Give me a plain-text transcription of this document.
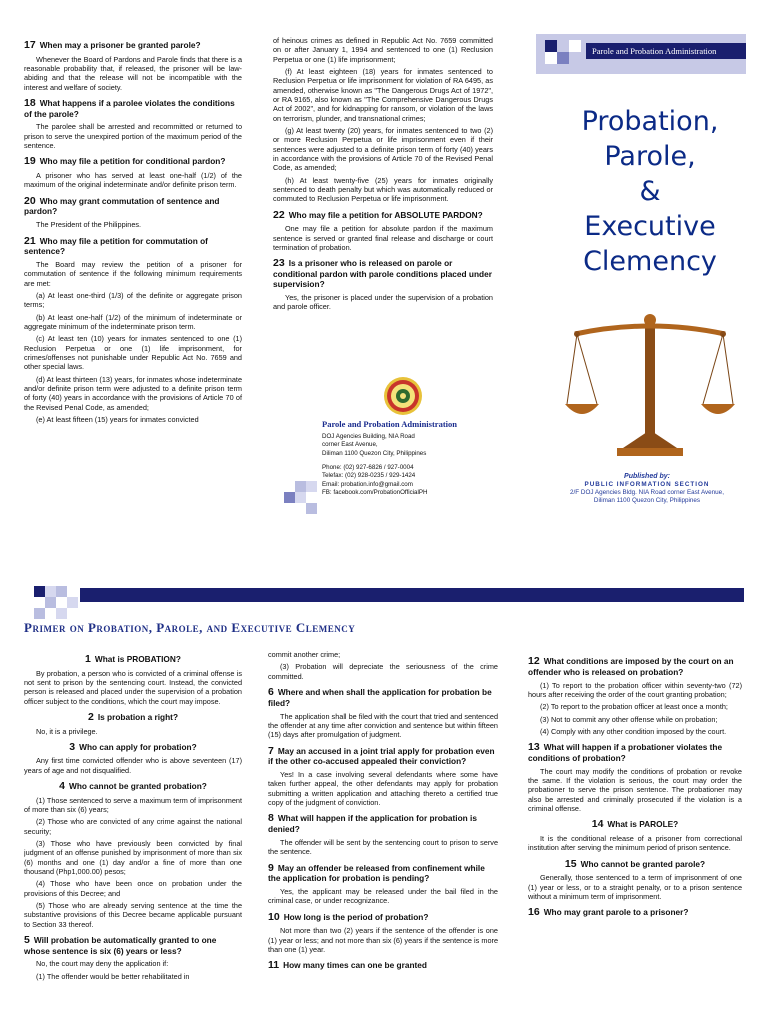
17 When may a prisoner be granted parole?

Whenever the Board of Pardons and Parole finds that there is a reasonable probability that, if released, the prisoner will be law-abiding and that the release will not be incompatible with the interest and welfare of society.

18 What happens if a parolee violates the conditions of the parole?

The parolee shall be arrested and recommitted or returned to prison to serve the unexpired portion of the maximum period of the sentence.

19 Who may file a petition for conditional pardon?

A prisoner who has served at least one-half (1/2) of the maximum of the original indeterminate and/or definite prison term.

20 Who may grant commutation of sentence and pardon?

The President of the Philippines.

21 Who may file a petition for commutation of sentence?

The Board may review the petition of a prisoner for commutation of sentence if the following minimum requirements are met:

(a) At least one-third (1/3) of the definite or aggregate prison terms;

(b) At least one-half (1/2) of the minimum of indeterminate or aggregate minimum of the indeterminate prison term.

(c) At least ten (10) years for inmates sentenced to one (1) Reclusion Perpetua or one (1) life imprisonment, for crimes/offenses not punishable under Republic Act No. 7659 and other special laws.

(d) At least thirteen (13) years, for inmates whose indeterminate and/or definite prison term were adjusted to a definite prison term of forty (40) years in accordance with the provisions of Article 70 of the Revised Penal Code, as amended;

(e) At least fifteen (15) years for inmates convicted

of heinous crimes as defined in Republic Act No. 7659 committed on or after January 1, 1994 and sentenced to one (1) Reclusion Perpetua or one (1) life imprisonment;

(f) At least eighteen (18) years for inmates sentenced to Reclusion Perpetua or life imprisonment for violation of RA 6495, as amended, otherwise known as "The Dangerous Drugs Act of 1972", or RA 9165, also known as "The Comprehensive Dangerous Drugs Act of 2002", and for kidnapping for ransom, or violation of the laws on terrorism, plunder, and transnational crimes;

(g) At least twenty (20) years, for inmates sentenced to two (2) or more Reclusion Perpetua or life imprisonment even if their sentences were adjusted to a definite prison term of forty (40) years in accordance with the provisions of Article 70 of the Revised Penal Code, as amended;

(h) At least twenty-five (25) years for inmates originally sentenced to death penalty but which was automatically reduced or commuted to Reclusion Perpetua or life imprisonment.

22 Who may file a petition for ABSOLUTE PARDON?

One may file a petition for absolute pardon if the maximum sentence is served or granted final release and discharge or court termination of probation.

23 Is a prisoner who is released on parole or conditional pardon with parole conditions placed under supervision?

Yes, the prisoner is placed under the supervision of a probation and parole officer.

Parole and Probation Administration
DOJ Agencies Building, NIA Road
corner East Avenue,
Diliman 1100 Quezon City, Philippines
Phone: (02) 927-6826 / 927-0004
Telefax: (02) 928-0235 / 929-1424
Email: probation.info@gmail.com
FB: facebook.com/ProbationOfficialPH
Parole and Probation Administration
Probation,
Parole,
&
Executive
Clemency
Published by:
PUBLIC INFORMATION SECTION
2/F DOJ Agencies Bldg. NIA Road corner East Avenue,
Diliman 1100 Quezon City, Philippines
Primer on Probation, Parole, and Executive Clemency
1 What is PROBATION?

By probation, a person who is convicted of a criminal offense is not sent to prison by the sentencing court. Instead, the convicted person is released and placed under the supervision of a probation officer subject to the conditions, which the court may impose.

2 Is probation a right?

No, it is a privilege.

3 Who can apply for probation?

Any first time convicted offender who is above seventeen (17) years of age and not disqualified.

4 Who cannot be granted probation?

(1) Those sentenced to serve a maximum term of imprisonment of more than six (6) years;

(2) Those who are convicted of any crime against the national security;

(3) Those who have previously been convicted by final judgment of an offense punished by imprisonment of more than six (6) months and one (1) day and/or a fine of more than one thousand (Php1,000.00) pesos;

(4) Those who have been once on probation under the provisions of this Decree; and

(5) Those who are already serving sentence at the time the substantive provisions of this Decree became applicable pursuant to Section 33 thereof.

5 Will probation be automatically granted to one whose sentence is six (6) years or less?

No, the court may deny the application if:

(1) The offender would be better rehabilitated in

commit another crime;

(3) Probation will depreciate the seriousness of the crime committed.

6 Where and when shall the application for probation be filed?

The application shall be filed with the court that tried and sentenced the offender at any time after conviction and sentence but within fifteen (15) days after promulgation of judgment.

7 May an accused in a joint trial apply for probation even if the other co-accused appealed their conviction?

Yes! In a case involving several defendants where some have taken further appeal, the other defendants may apply for probation submitting a written application and attaching thereto a certified true copy of the judgment of conviction.

8 What will happen if the application for probation is denied?

The offender will be sent by the sentencing court to prison to serve the sentence.

9 May an offender be released from confinement while the application for probation is pending?

Yes, the applicant may be released under the bail filed in the criminal case, or under recognizance.

10 How long is the period of probation?

Not more than two (2) years if the sentence of the offender is one (1) year or less; and not more than six (6) years if the sentence is more than one (1) year.

11 How many times can one be granted
12 What conditions are imposed by the court on an offender who is released on probation?

(1) To report to the probation officer within seventy-two (72) hours after receiving the order of the court granting probation;

(2) To report to the probation officer at least once a month;

(3) Not to commit any other offense while on probation;

(4) Comply with any other condition imposed by the court.

13 What will happen if a probationer violates the conditions of probation?

The court may modify the conditions of probation or revoke the same. If the violation is serious, the court may order the probationer to serve the prison sentence. The probationer may also be arrested and criminally prosecuted if the violation is a criminal offense.

14 What is PAROLE?

It is the conditional release of a prisoner from correctional institution after serving the minimum period of prison sentence.

15 Who cannot be granted parole?

Generally, those sentenced to a term of imprisonment of one (1) year or less, or to a straight penalty, or to a prison sentence without a minimum term of imprisonment.

16 Who may grant parole to a prisoner?
